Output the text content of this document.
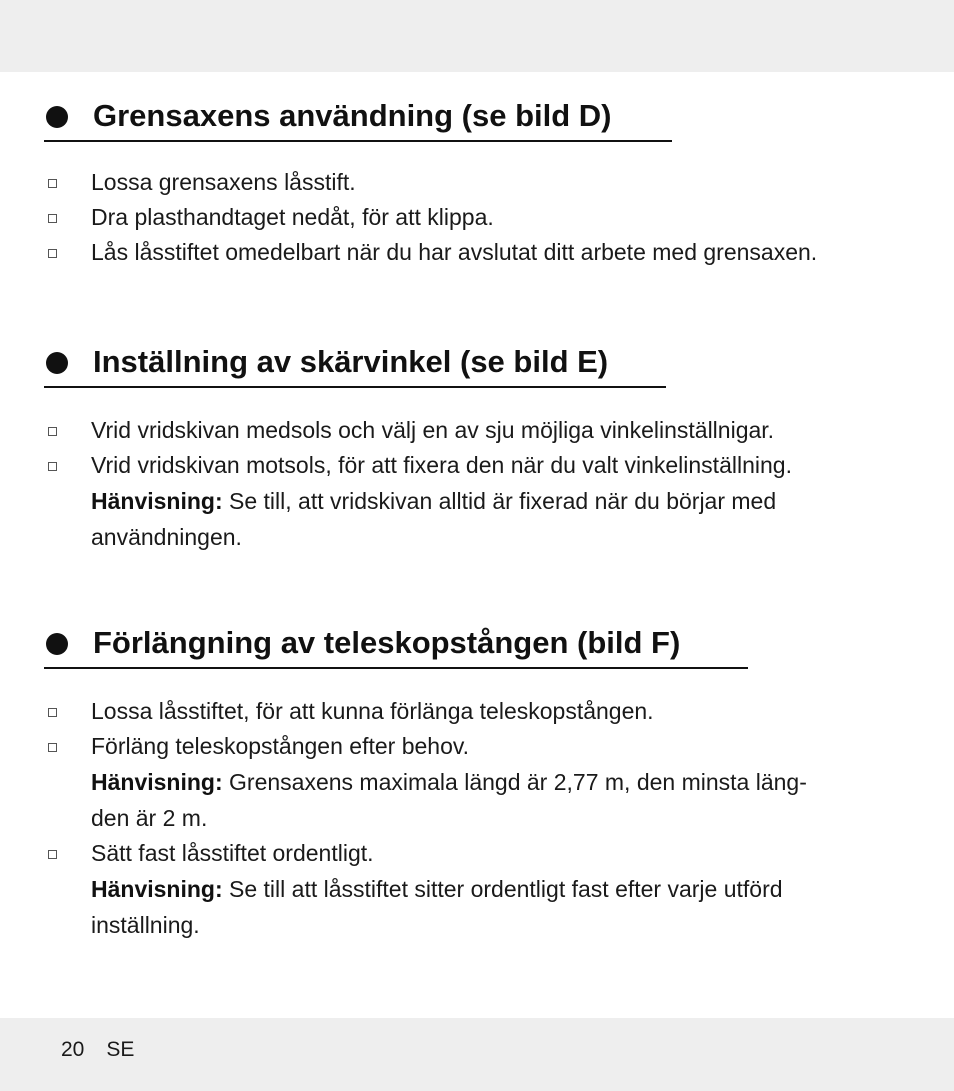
Grensaxens användning (se bild D)
Lossa grensaxens låsstift.
Dra plasthandtaget nedåt, för att klippa.
Lås låsstiftet omedelbart när du har avslutat ditt arbete med grensaxen.
Inställning av skärvinkel (se bild E)
Vrid vridskivan medsols och välj en av sju möjliga vinkelinställnigar.
Vrid vridskivan motsols, för att fixera den när du valt vinkelinställning.
Hänvisning: Se till, att vridskivan alltid är fixerad när du börjar med
användningen.
Förlängning av teleskopstången (bild F)
Lossa låsstiftet, för att kunna förlänga teleskopstången.
Förläng teleskopstången efter behov.
Hänvisning: Grensaxens maximala längd är 2,77 m, den minsta läng-
den är 2 m.
Sätt fast låsstiftet ordentligt.
Hänvisning: Se till att låsstiftet sitter ordentligt fast efter varje utförd
inställning.
20 SE
